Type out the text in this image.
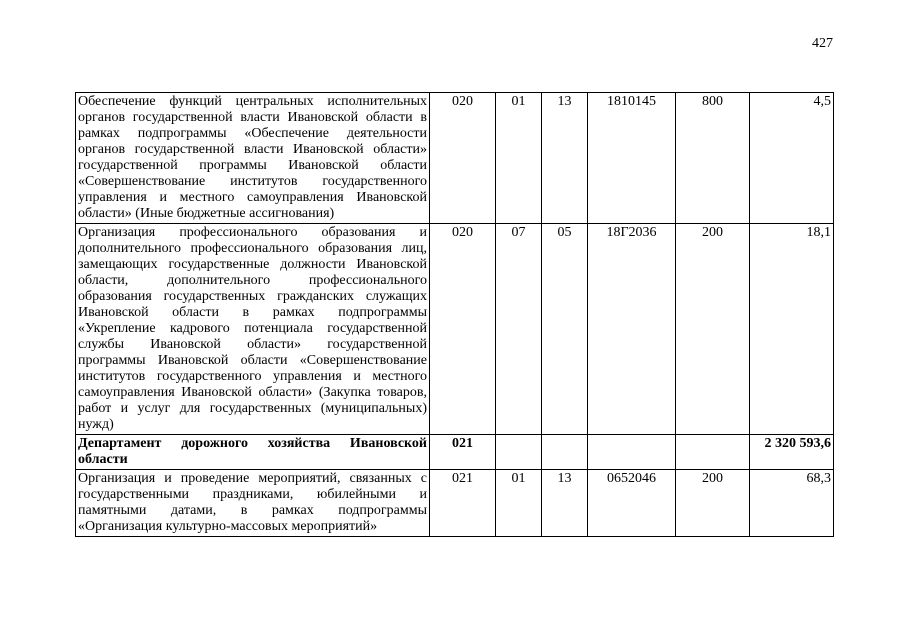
427
Обеспечение функций центральных исполнительных органов государственной власти Ивановской области в рамках подпрограммы «Обеспечение деятельности органов государственной власти Ивановской области» государственной программы Ивановской области «Совершенствование институтов государственного управления и местного самоуправления Ивановской области» (Иные бюджетные ассигнования)	020	01	13	1810145	800	4,5
Организация профессионального образования и дополнительного профессионального образования лиц, замещающих государственные должности Ивановской области, дополнительного профессионального образования государственных гражданских служащих Ивановской области в рамках подпрограммы «Укрепление кадрового потенциала государственной службы Ивановской области» государственной программы Ивановской области «Совершенствование институтов государственного управления и местного самоуправления Ивановской области» (Закупка товаров, работ и услуг для государственных (муниципальных) нужд)	020	07	05	18Г2036	200	18,1
Департамент дорожного хозяйства Ивановской области	021					2 320 593,6

Организация и проведение мероприятий, связанных с государственными праздниками, юбилейными и памятными датами, в рамках подпрограммы «Организация культурно-массовых мероприятий»	021	01	13	0652046	200	68,3
